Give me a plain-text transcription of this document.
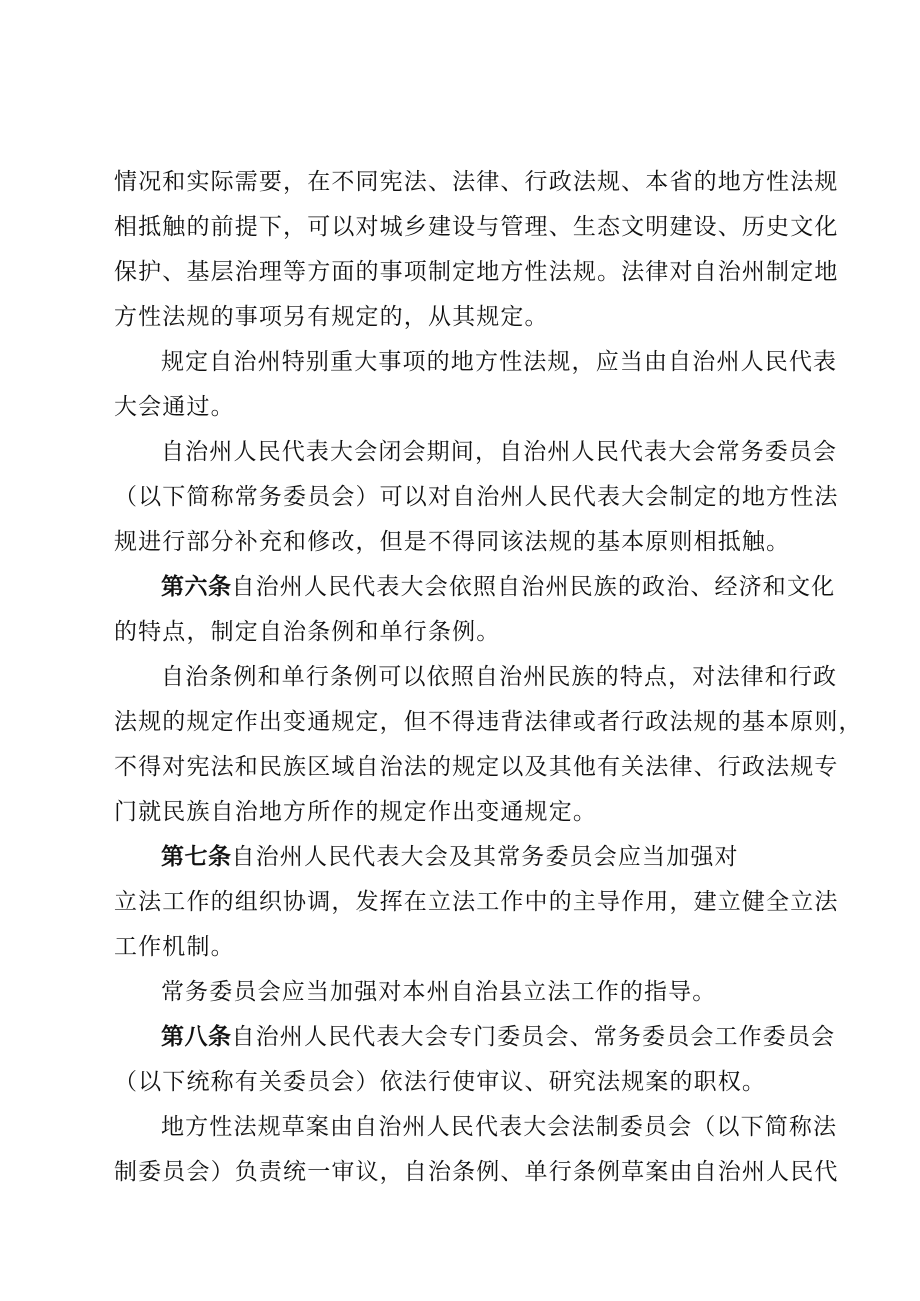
情况和实际需要，在不同宪法、法律、行政法规、本省的地方性法规
相抵触的前提下，可以对城乡建设与管理、生态文明建设、历史文化
保护、基层治理等方面的事项制定地方性法规。法律对自治州制定地
方性法规的事项另有规定的，从其规定。
规定自治州特别重大事项的地方性法规，应当由自治州人民代表
大会通过。
自治州人民代表大会闭会期间，自治州人民代表大会常务委员会
（以下简称常务委员会）可以对自治州人民代表大会制定的地方性法
规进行部分补充和修改，但是不得同该法规的基本原则相抵触。
第六条自治州人民代表大会依照自治州民族的政治、经济和文化
的特点，制定自治条例和单行条例。
自治条例和单行条例可以依照自治州民族的特点，对法律和行政
法规的规定作出变通规定，但不得违背法律或者行政法规的基本原则，
不得对宪法和民族区域自治法的规定以及其他有关法律、行政法规专
门就民族自治地方所作的规定作出变通规定。
第七条自治州人民代表大会及其常务委员会应当加强对
立法工作的组织协调，发挥在立法工作中的主导作用，建立健全立法
工作机制。
常务委员会应当加强对本州自治县立法工作的指导。
第八条自治州人民代表大会专门委员会、常务委员会工作委员会
（以下统称有关委员会）依法行使审议、研究法规案的职权。
地方性法规草案由自治州人民代表大会法制委员会（以下简称法
制委员会）负责统一审议，自治条例、单行条例草案由自治州人民代
